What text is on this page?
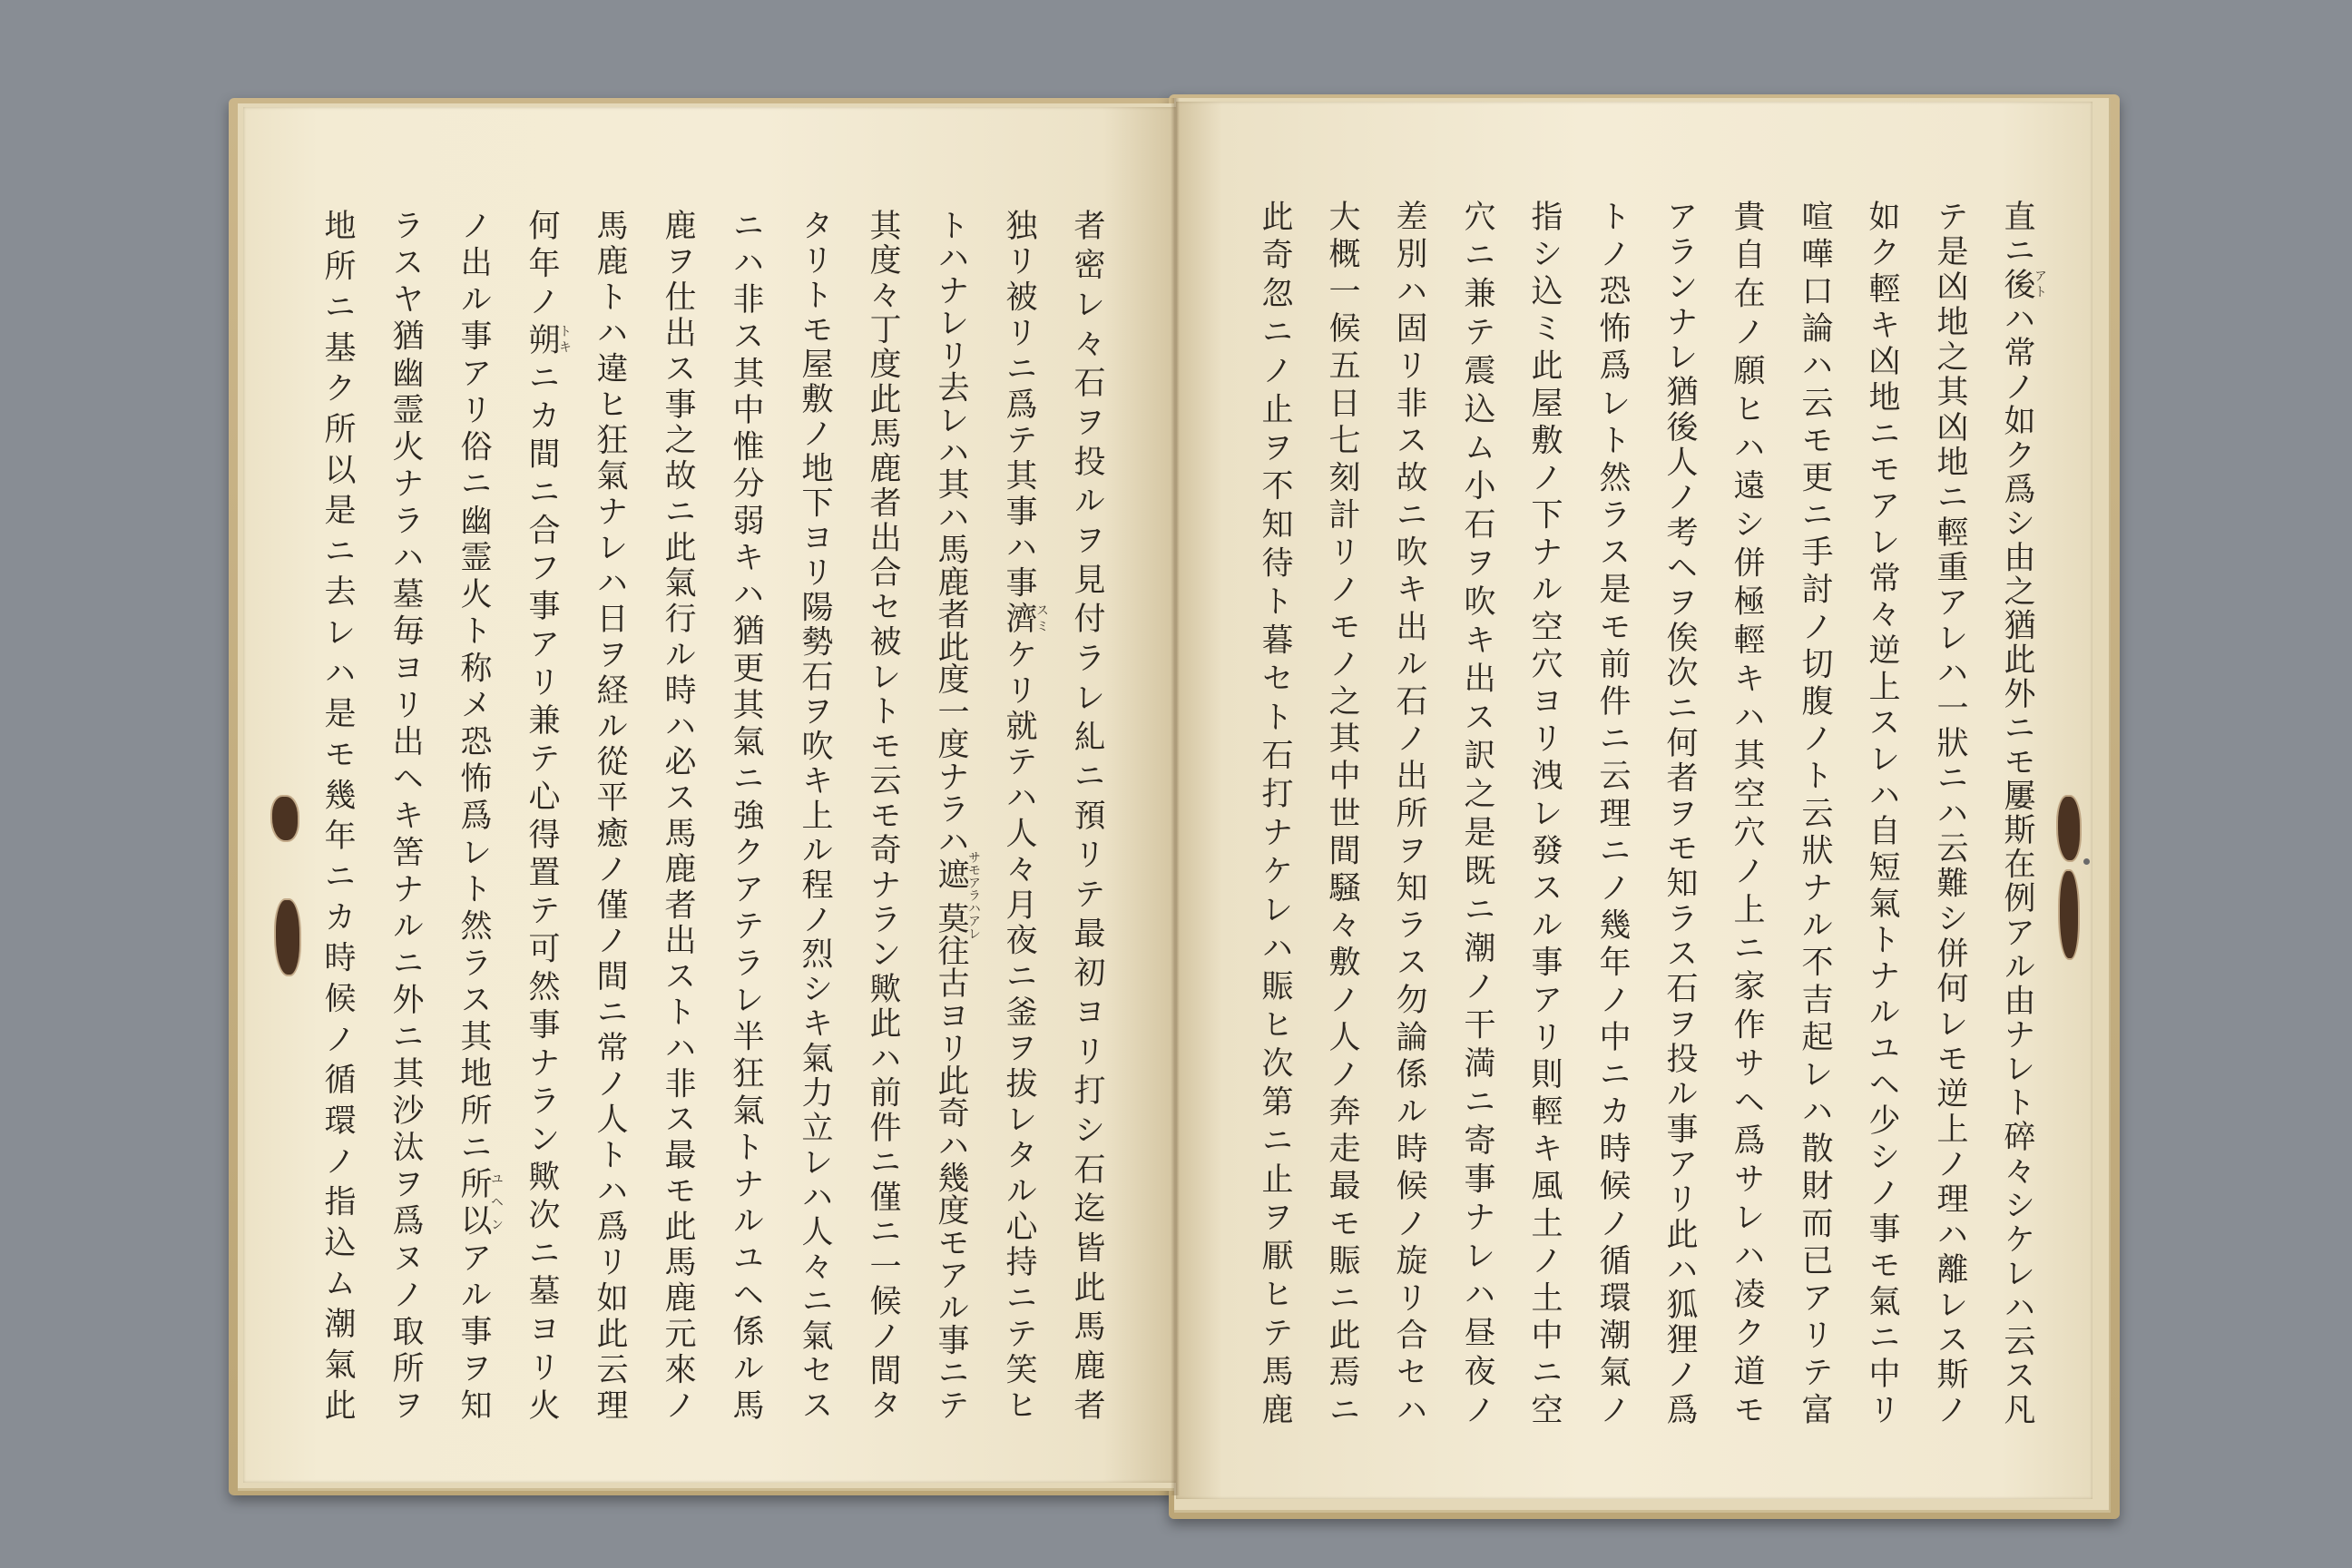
者密レ々石ヲ投ルヲ見付ラレ糺ニ預リテ最初ヨリ打シ石迄皆此馬鹿者
独リ被リニ爲テ其事ハ事濟スミケリ就テハ人々月夜ニ釜ヲ拔レタル心持ニテ笑ヒ
トハナレリ去レハ其ハ馬鹿者此度一度ナラハ遮莫サモアラハアレ往古ヨリ此奇ハ幾度モアル事ニテ
其度々丁度此馬鹿者出合セ被レトモ云モ奇ナラン歟此ハ前件ニ僅ニ一候ノ間タ
タリトモ屋敷ノ地下ヨリ陽勢石ヲ吹キ上ル程ノ烈シキ氣力立レハ人々ニ氣セス
ニハ非ス其中惟分弱キハ猶更其氣ニ強クアテラレ半狂氣トナルユヘ係ル馬
鹿ヲ仕出ス事之故ニ此氣行ル時ハ必ス馬鹿者出ストハ非ス最モ此馬鹿元來ノ
馬鹿トハ違ヒ狂氣ナレハ日ヲ経ル從平癒ノ僅ノ間ニ常ノ人トハ爲リ如此云理
何年ノ朔トキニカ間ニ合フ事アリ兼テ心得置テ可然事ナラン歟次ニ墓ヨリ火
ノ出ル事アリ俗ニ幽霊火ト称メ恐怖爲レト然ラス其地所ニ所以ユヘンアル事ヲ知
ラスヤ猶幽霊火ナラハ墓毎ヨリ出ヘキ筈ナルニ外ニ其沙汰ヲ爲ヌノ取所ヲ
地所ニ基ク所以是ニ去レハ是モ幾年ニカ時候ノ循環ノ指込ム潮氣此	直ニ後アトハ常ノ如ク爲シ由之猶此外ニモ屢斯在例アル由ナレト碎々シケレハ云ス凡
テ是凶地之其凶地ニ輕重アレハ一狀ニハ云難シ併何レモ逆上ノ理ハ離レス斯ノ
如ク輕キ凶地ニモアレ常々逆上スレハ自短氣トナルユヘ少シノ事モ氣ニ中リ
喧嘩口論ハ云モ更ニ手討ノ切腹ノト云狀ナル不吉起レハ散財而已アリテ富
貴自在ノ願ヒハ遠シ併極輕キハ其空穴ノ上ニ家作サヘ爲サレハ凌ク道モ
アランナレ猶後人ノ考ヘヲ俟次ニ何者ヲモ知ラス石ヲ投ル事アリ此ハ狐狸ノ爲
トノ恐怖爲レト然ラス是モ前件ニ云理ニノ幾年ノ中ニカ時候ノ循環潮氣ノ
指シ込ミ此屋敷ノ下ナル空穴ヨリ洩レ發スル事アリ則輕キ風土ノ土中ニ空
穴ニ兼テ震込ム小石ヲ吹キ出ス訳之是既ニ潮ノ干満ニ寄事ナレハ昼夜ノ
差別ハ固リ非ス故ニ吹キ出ル石ノ出所ヲ知ラス勿論係ル時候ノ旋リ合セハ
大概一候五日七刻計リノモノ之其中世間騒々敷ノ人ノ奔走最モ賑ニ此焉ニ
此奇忽ニノ止ヲ不知待ト暮セト石打ナケレハ賑ヒ次第ニ止ヲ厭ヒテ馬鹿
